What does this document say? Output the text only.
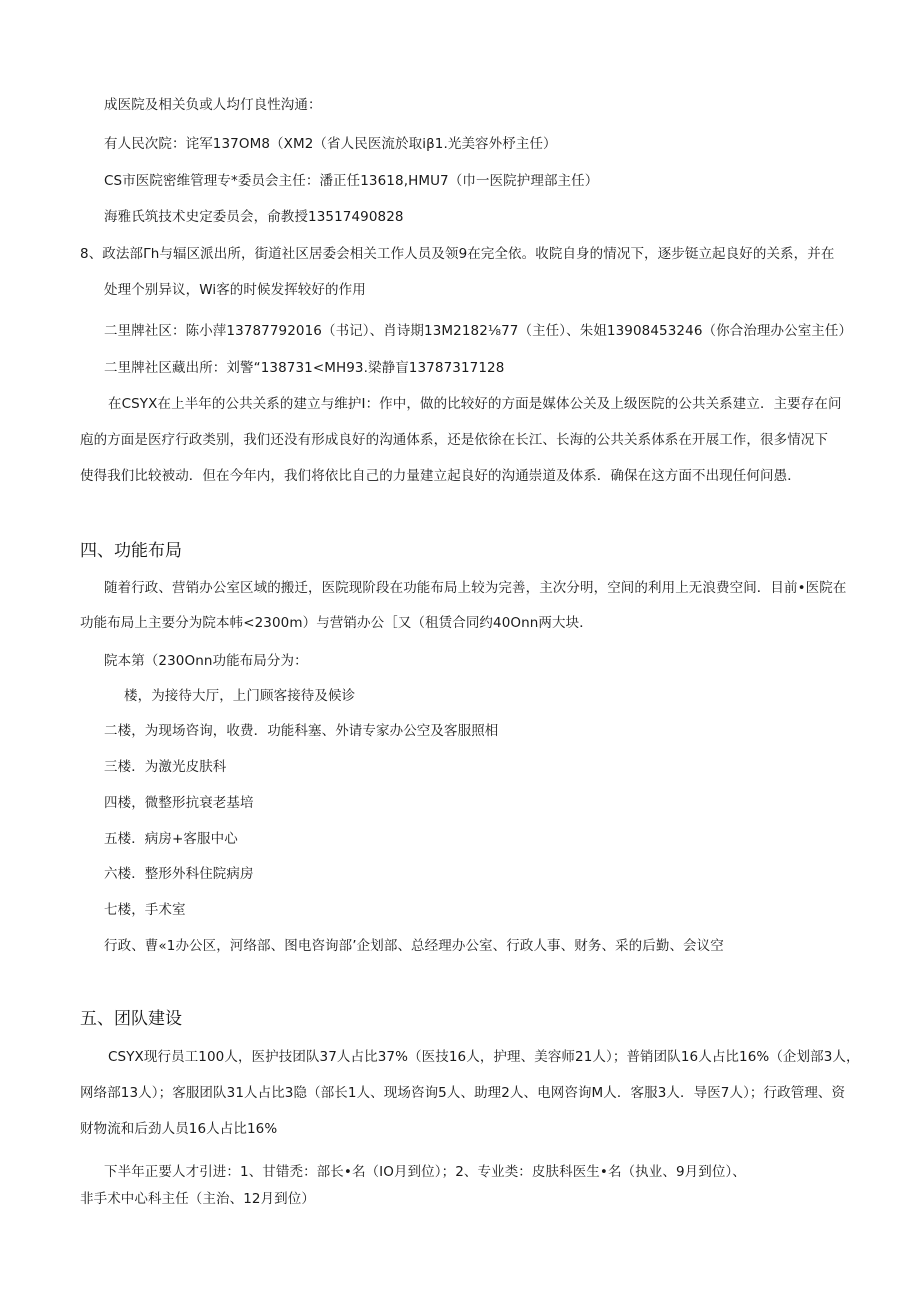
成医院及相关负或人均仃良性沟通：
有人民次院：诧军137OM8（XM2（省人民医流於取iβ1.光美容外杼主任）
CS市医院密维管理专*委员会主任：潘正任13618,HMU7（巾一医院护理部主任）
海雅氏筑技术史定委员会，俞教授13517490828
8、政法部Γh与辐区派出所，街道社区居委会相关工作人员及领9在完全依。收院自身的情况下，逐步铤立起良好的关系，并在
处理个别异议，Wi客的时候发挥较好的作用
二里牌社区：陈小萍13787792016（书记）、肖诗期13M2182⅛77（主任）、朱姐13908453246（你合治理办公室主任）
二里牌社区藏出所：刘警“138731<MH93.梁静盲13787317128
在CSYX在上半年的公共关系的建立与维护I：作中，做的比较好的方面是媒体公关及上级医院的公共关系建立．主要存在问
庖的方面是医疗行政类别，我们还没有形成良好的沟通体系，还是依徐在长江、长海的公共关系体系在开展工作，很多情况下
使得我们比较被动．但在今年内，我们将依比自己的力量建立起良好的沟通崇道及体系．确保在这方面不出现任何问愚．
四、功能布局
随着行政、营销办公室区域的搬迁，医院现阶段在功能布局上较为完善，主次分明，空间的利用上无浪费空间．目前•医院在
功能布局上主要分为院本帏<2300m）与营销办公［又（租赁合同约40Onn两大块．
院本第（230Onn功能布局分为：
楼，为接待大厅，上门顾客接待及候诊
二楼，为现场咨询，收费．功能科塞、外请专家办公空及客服照相
三楼．为激光皮肤科
四楼，微整形抗衰老基培
五楼．病房+客服中心
六楼．整形外科住院病房
七楼，手术室
行政、曹«1办公区，河络部、图电咨询部’企划部、总经理办公室、行政人事、财务、采的后勤、会议空
五、团队建设
CSYX现行员工100人，医护技团队37人占比37%（医技16人，护理、美容师21人）；普销团队16人占比16%（企划部3人，
网络部13人）；客服团队31人占比3隐（部长1人、现场咨询5人、助理2人、电网咨询M人．客服3人．导医7人）；行政管理、资
财物流和后劲人员16人占比16%
下半年正要人才引进：1、甘错禿：部长•名（IO月到位）；2、专业类：皮肤科医生•名（执业、9月到位）、
非手术中心科主任（主治、12月到位）
